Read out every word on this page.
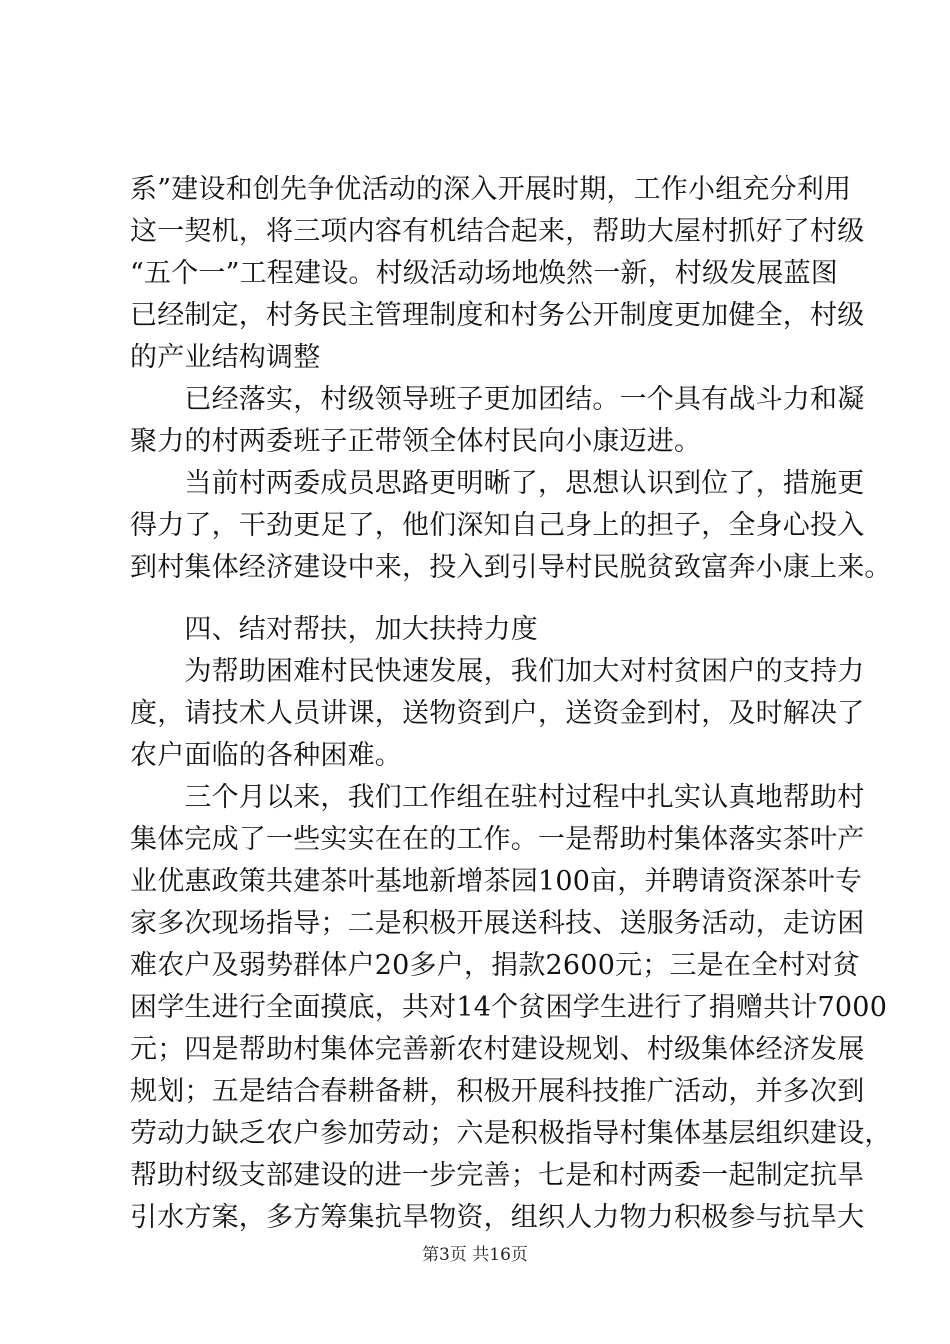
系”建设和创先争优活动的深入开展时期，工作小组充分利用
这一契机，将三项内容有机结合起来，帮助大屋村抓好了村级
“五个一”工程建设。村级活动场地焕然一新，村级发展蓝图
已经制定，村务民主管理制度和村务公开制度更加健全，村级
的产业结构调整
　　已经落实，村级领导班子更加团结。一个具有战斗力和凝
聚力的村两委班子正带领全体村民向小康迈进。
　　当前村两委成员思路更明晰了，思想认识到位了，措施更
得力了，干劲更足了，他们深知自己身上的担子，全身心投入
到村集体经济建设中来，投入到引导村民脱贫致富奔小康上来。
　　四、结对帮扶，加大扶持力度
　　为帮助困难村民快速发展，我们加大对村贫困户的支持力
度，请技术人员讲课，送物资到户，送资金到村，及时解决了
农户面临的各种困难。
　　三个月以来，我们工作组在驻村过程中扎实认真地帮助村
集体完成了一些实实在在的工作。一是帮助村集体落实茶叶产
业优惠政策共建茶叶基地新增茶园100亩，并聘请资深茶叶专
家多次现场指导；二是积极开展送科技、送服务活动，走访困
难农户及弱势群体户20多户，捐款2600元；三是在全村对贫
困学生进行全面摸底，共对14个贫困学生进行了捐赠共计7000
元；四是帮助村集体完善新农村建设规划、村级集体经济发展
规划；五是结合春耕备耕，积极开展科技推广活动，并多次到
劳动力缺乏农户参加劳动；六是积极指导村集体基层组织建设，
帮助村级支部建设的进一步完善；七是和村两委一起制定抗旱
引水方案，多方筹集抗旱物资，组织人力物力积极参与抗旱大
第3页 共16页
